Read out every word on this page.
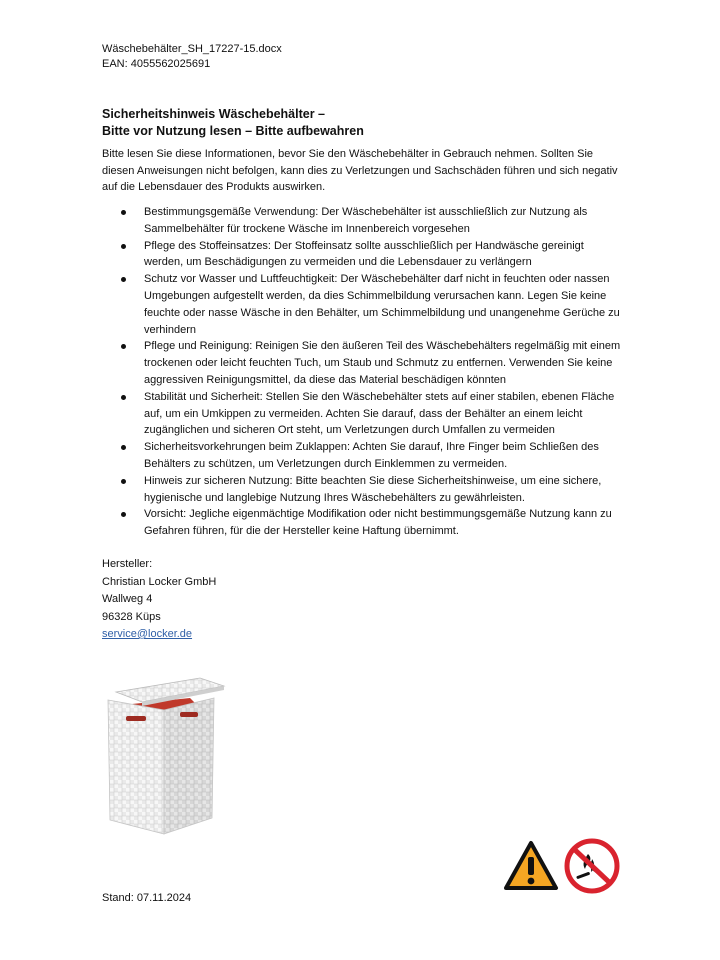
Wäschebehälter_SH_17227-15.docx
EAN: 4055562025691
Sicherheitshinweis Wäschebehälter –
Bitte vor Nutzung lesen – Bitte aufbewahren
Bitte lesen Sie diese Informationen, bevor Sie den Wäschebehälter in Gebrauch nehmen. Sollten Sie diesen Anweisungen nicht befolgen, kann dies zu Verletzungen und Sachschäden führen und sich negativ auf die Lebensdauer des Produkts auswirken.
Bestimmungsgemäße Verwendung: Der Wäschebehälter ist ausschließlich zur Nutzung als Sammelbehälter für trockene Wäsche im Innenbereich vorgesehen
Pflege des Stoffeinsatzes: Der Stoffeinsatz sollte ausschließlich per Handwäsche gereinigt werden, um Beschädigungen zu vermeiden und die Lebensdauer zu verlängern
Schutz vor Wasser und Luftfeuchtigkeit: Der Wäschebehälter darf nicht in feuchten oder nassen Umgebungen aufgestellt werden, da dies Schimmelbildung verursachen kann. Legen Sie keine feuchte oder nasse Wäsche in den Behälter, um Schimmelbildung und unangenehme Gerüche zu verhindern
Pflege und Reinigung: Reinigen Sie den äußeren Teil des Wäschebehälters regelmäßig mit einem trockenen oder leicht feuchten Tuch, um Staub und Schmutz zu entfernen. Verwenden Sie keine aggressiven Reinigungsmittel, da diese das Material beschädigen könnten
Stabilität und Sicherheit: Stellen Sie den Wäschebehälter stets auf einer stabilen, ebenen Fläche auf, um ein Umkippen zu vermeiden. Achten Sie darauf, dass der Behälter an einem leicht zugänglichen und sicheren Ort steht, um Verletzungen durch Umfallen zu vermeiden
Sicherheitsvorkehrungen beim Zuklappen: Achten Sie darauf, Ihre Finger beim Schließen des Behälters zu schützen, um Verletzungen durch Einklemmen zu vermeiden.
Hinweis zur sicheren Nutzung: Bitte beachten Sie diese Sicherheitshinweise, um eine sichere, hygienische und langlebige Nutzung Ihres Wäschebehälters zu gewährleisten.
Vorsicht: Jegliche eigenmächtige Modifikation oder nicht bestimmungsgemäße Nutzung kann zu Gefahren führen, für die der Hersteller keine Haftung übernimmt.
Hersteller:
Christian Locker GmbH
Wallweg 4
96328 Küps
service@locker.de
Stand: 07.11.2024
